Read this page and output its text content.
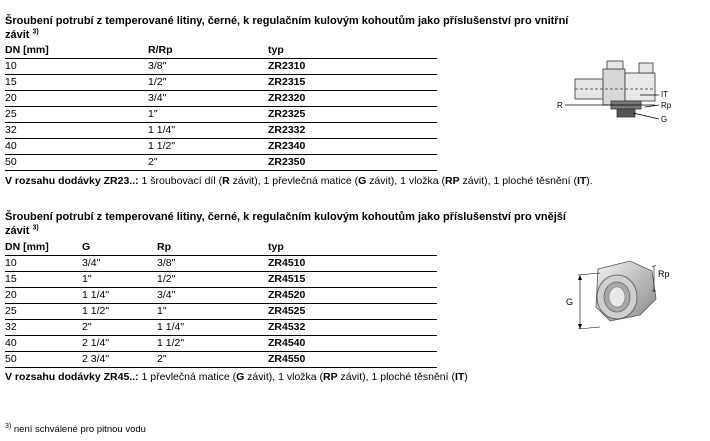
Šroubení potrubí z temperované litiny, černé, k regulačním kulovým kohoutům jako příslušenství pro vnitřní
závit $^{3)}$
DN [mm]	R/Rp	typ
10	3/8"	ZR2310
15	1/2"	ZR2315
20	3/4"	ZR2320
25	1"	ZR2325
32	1 1/4"	ZR2332
40	1 1/2"	ZR2340
50	2"	ZR2350
V rozsahu dodávky ZR23..: 1 šroubovací díl (R závit), 1 převlečná matice (G závit), 1 vložka (RP závit), 1 ploché těsnění (IT).
IT
Rp
R
G
Šroubení potrubí z temperované litiny, černé, k regulačním kulovým kohoutům jako příslušenství pro vnější
závit $^{3)}$
DN [mm]	G	Rp	typ
10	3/4"	3/8"	ZR4510
15	1"	1/2"	ZR4515
20	1 1/4"	3/4"	ZR4520
25	1 1/2"	1"	ZR4525
32	2"	1 1/4"	ZR4532
40	2 1/4"	1 1/2"	ZR4540
50	2 3/4"	2"	ZR4550
V rozsahu dodávky ZR45..: 1 převlečná matice (G závit), 1 vložka (RP závit), 1 ploché těsnění (IT)
G
Rp
$^{3)}$ není schválené pro pitnou vodu
